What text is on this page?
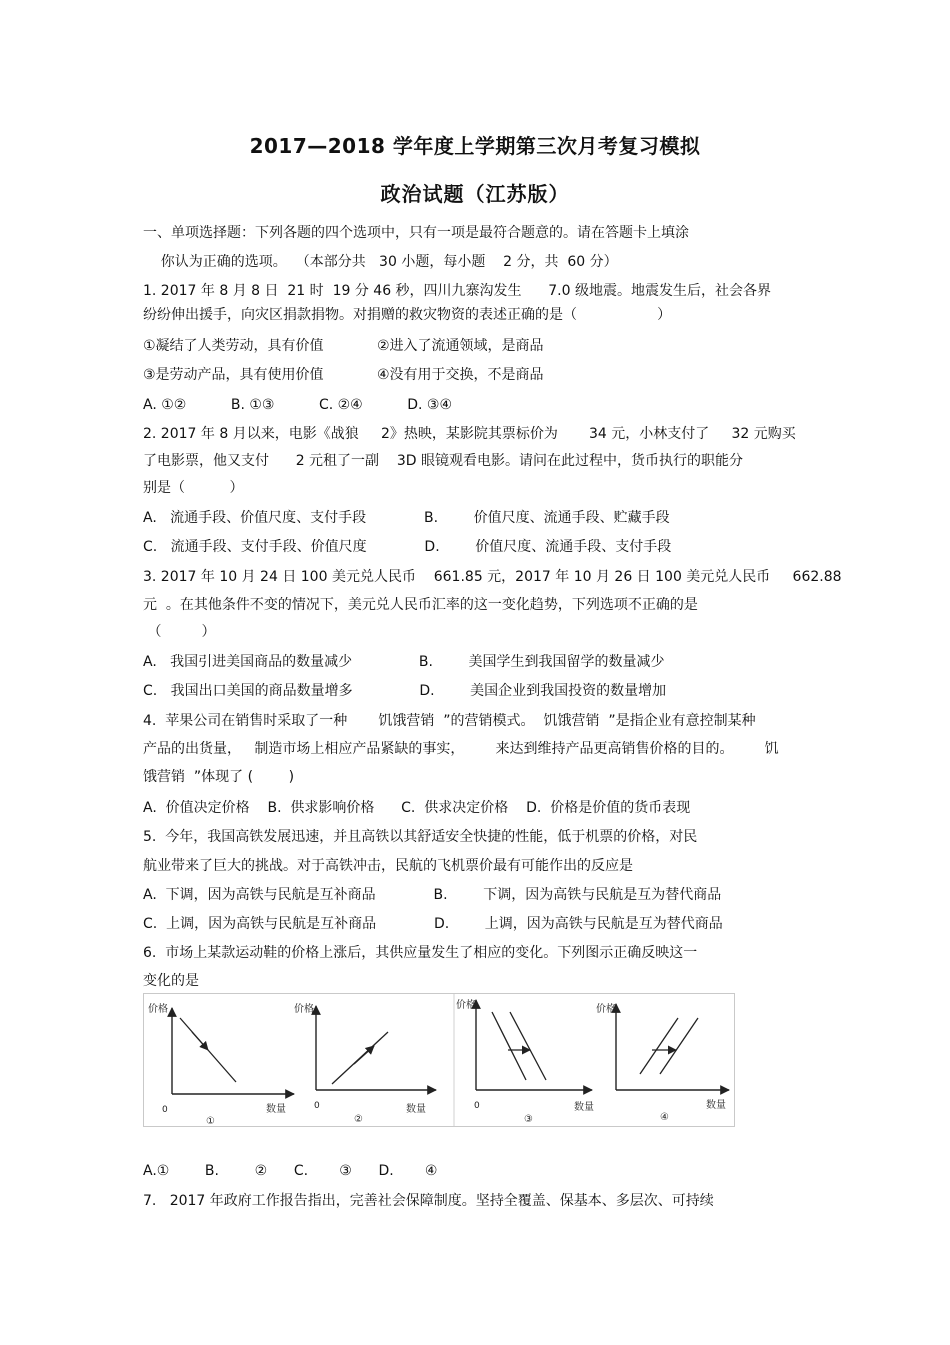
2017—2018 学年度上学期第三次月考复习模拟
政治试题（江苏版）
一、单项选择题：下列各题的四个选项中，只有一项是最符合题意的。请在答题卡上填涂
你认为正确的选项。  （本部分共   30 小题，每小题    2 分，共  60 分）
1. 2017 年 8 月 8 日  21 时  19 分 46 秒，四川九寨沟发生      7.0 级地震。地震发生后，社会各界
纷纷伸出援手，向灾区捐款捐物。对捐赠的救灾物资的表述正确的是（                  ）
①凝结了人类劳动，具有价值            ②进入了流通领域，是商品
③是劳动产品，具有使用价值            ④没有用于交换，不是商品
A. ①②          B. ①③          C. ②④          D. ③④
2. 2017 年 8 月以来，电影《战狼     2》热映，某影院其票标价为       34 元，小林支付了     32 元购买
了电影票，他又支付      2 元租了一副    3D 眼镜观看电影。请问在此过程中，货币执行的职能分
别是（          ）
A.   流通手段、价值尺度、支付手段             B.        价值尺度、流通手段、贮藏手段
C.   流通手段、支付手段、价值尺度             D.        价值尺度、流通手段、支付手段
3. 2017 年 10 月 24 日 100 美元兑人民币    661.85 元，2017 年 10 月 26 日 100 美元兑人民币     662.88
元  。在其他条件不变的情况下，美元兑人民币汇率的这一变化趋势，下列选项不正确的是
（         ）
A.   我国引进美国商品的数量减少               B.        美国学生到我国留学的数量减少
C.   我国出口美国的商品数量增多               D.        美国企业到我国投资的数量增加
4.  苹果公司在销售时采取了一种       饥饿营销  ”的营销模式。  饥饿营销  ”是指企业有意控制某种
产品的出货量，   制造市场上相应产品紧缺的事实，       来达到维持产品更高销售价格的目的。       饥
饿营销  ”体现了 (        )
A.  价值决定价格    B.  供求影响价格      C.  供求决定价格    D.  价格是价值的货币表现
5.  今年，我国高铁发展迅速，并且高铁以其舒适安全快捷的性能，低于机票的价格，对民
航业带来了巨大的挑战。对于高铁冲击，民航的飞机票价最有可能作出的反应是
A.  下调，因为高铁与民航是互补商品             B.        下调，因为高铁与民航是互为替代商品
C.  上调，因为高铁与民航是互补商品             D.        上调，因为高铁与民航是互为替代商品
6.  市场上某款运动鞋的价格上涨后，其供应量发生了相应的变化。下列图示正确反映这一
变化的是
价格
0	数量
①
价格
0	数量
②
价格
0	数量
③
价格
数量
④
A.①        B.        ②      C.       ③      D.       ④
7.   2017 年政府工作报告指出，完善社会保障制度。坚持全覆盖、保基本、多层次、可持续
